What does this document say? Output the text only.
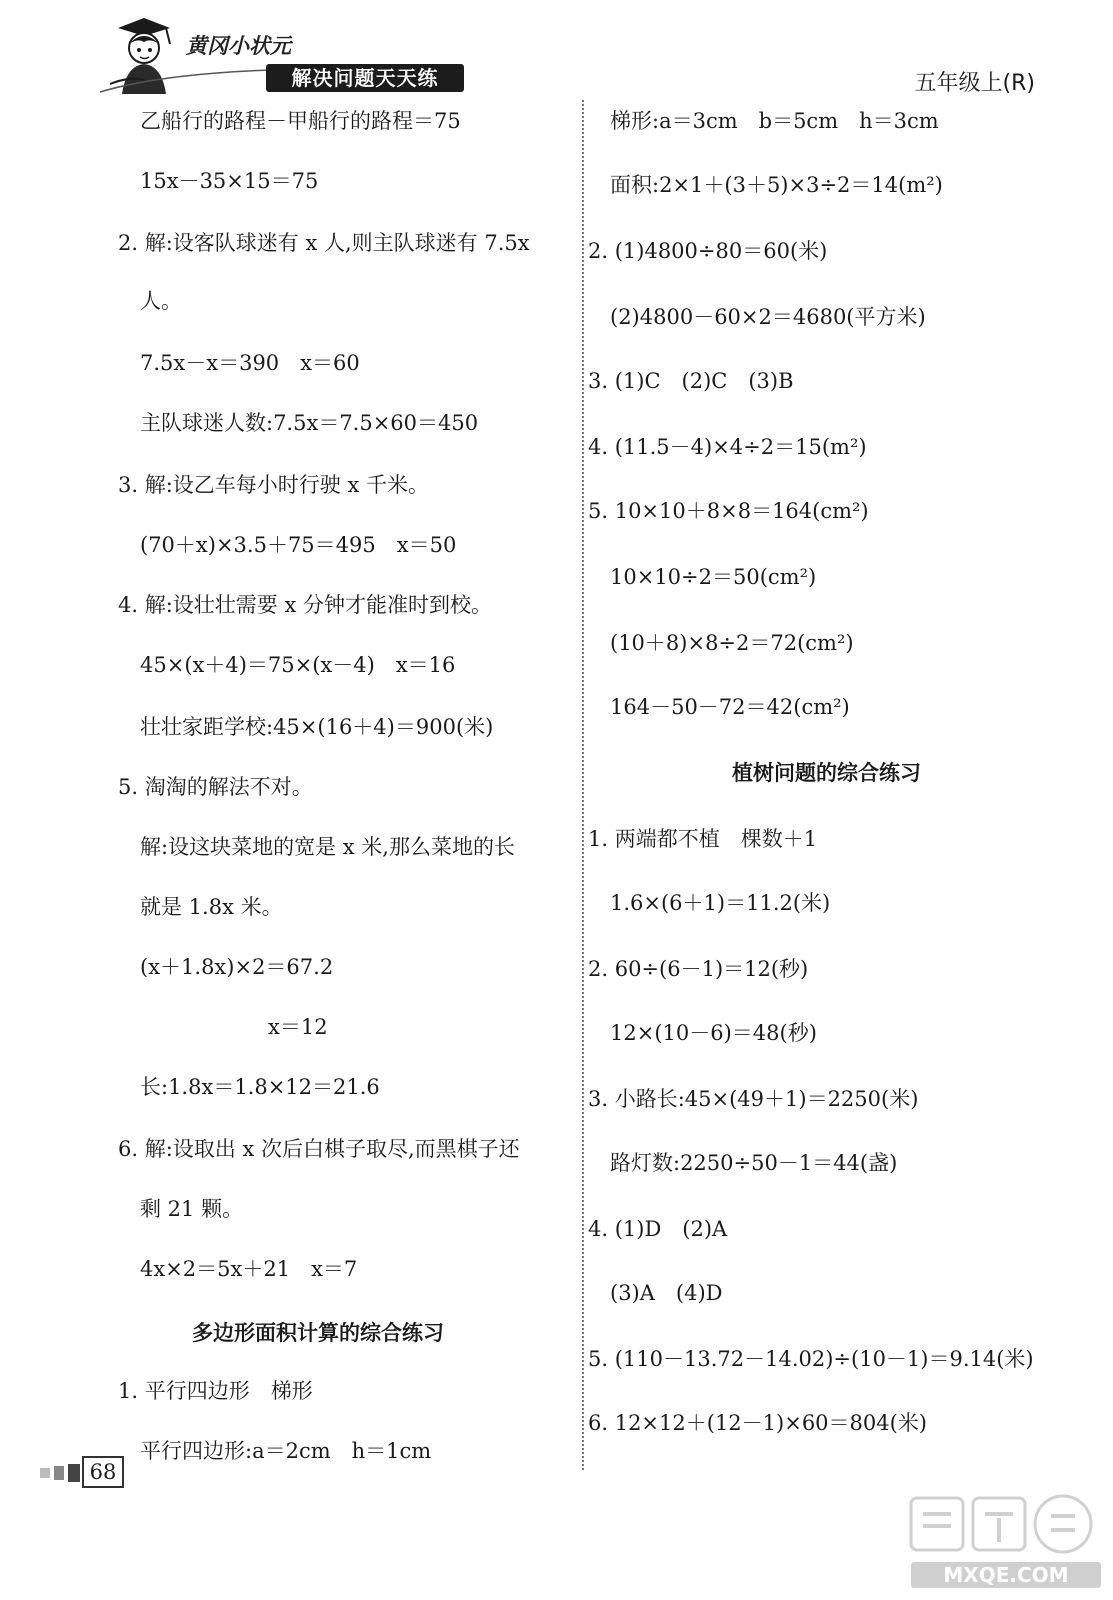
黄冈小状元
解决问题天天练	五年级上(R)
乙船行的路程－甲船行的路程＝75
15x－35×15＝75
2. 解:设客队球迷有 x 人,则主队球迷有 7.5x
人。
7.5x－x＝390　x＝60
主队球迷人数:7.5x＝7.5×60＝450
3. 解:设乙车每小时行驶 x 千米。
(70＋x)×3.5＋75＝495　x＝50
4. 解:设壮壮需要 x 分钟才能准时到校。
45×(x＋4)＝75×(x－4)　x＝16
壮壮家距学校:45×(16＋4)＝900(米)
5. 淘淘的解法不对。
解:设这块菜地的宽是 x 米,那么菜地的长
就是 1.8x 米。
(x＋1.8x)×2＝67.2
x＝12
长:1.8x＝1.8×12＝21.6
6. 解:设取出 x 次后白棋子取尽,而黑棋子还
剩 21 颗。
4x×2＝5x＋21　x＝7
多边形面积计算的综合练习
1. 平行四边形　梯形
平行四边形:a＝2cm　h＝1cm
梯形:a＝3cm　b＝5cm　h＝3cm
面积:2×1＋(3＋5)×3÷2＝14(m²)
2. (1)4800÷80＝60(米)
(2)4800－60×2＝4680(平方米)
3. (1)C　(2)C　(3)B
4. (11.5－4)×4÷2＝15(m²)
5. 10×10＋8×8＝164(cm²)
10×10÷2＝50(cm²)
(10＋8)×8÷2＝72(cm²)
164－50－72＝42(cm²)
植树问题的综合练习
1. 两端都不植　棵数＋1
1.6×(6＋1)＝11.2(米)
2. 60÷(6－1)＝12(秒)
12×(10－6)＝48(秒)
3. 小路长:45×(49＋1)＝2250(米)
路灯数:2250÷50－1＝44(盏)
4. (1)D　(2)A
(3)A　(4)D
5. (110－13.72－14.02)÷(10－1)＝9.14(米)
6. 12×12＋(12－1)×60＝804(米)
68
MXQE.COM
